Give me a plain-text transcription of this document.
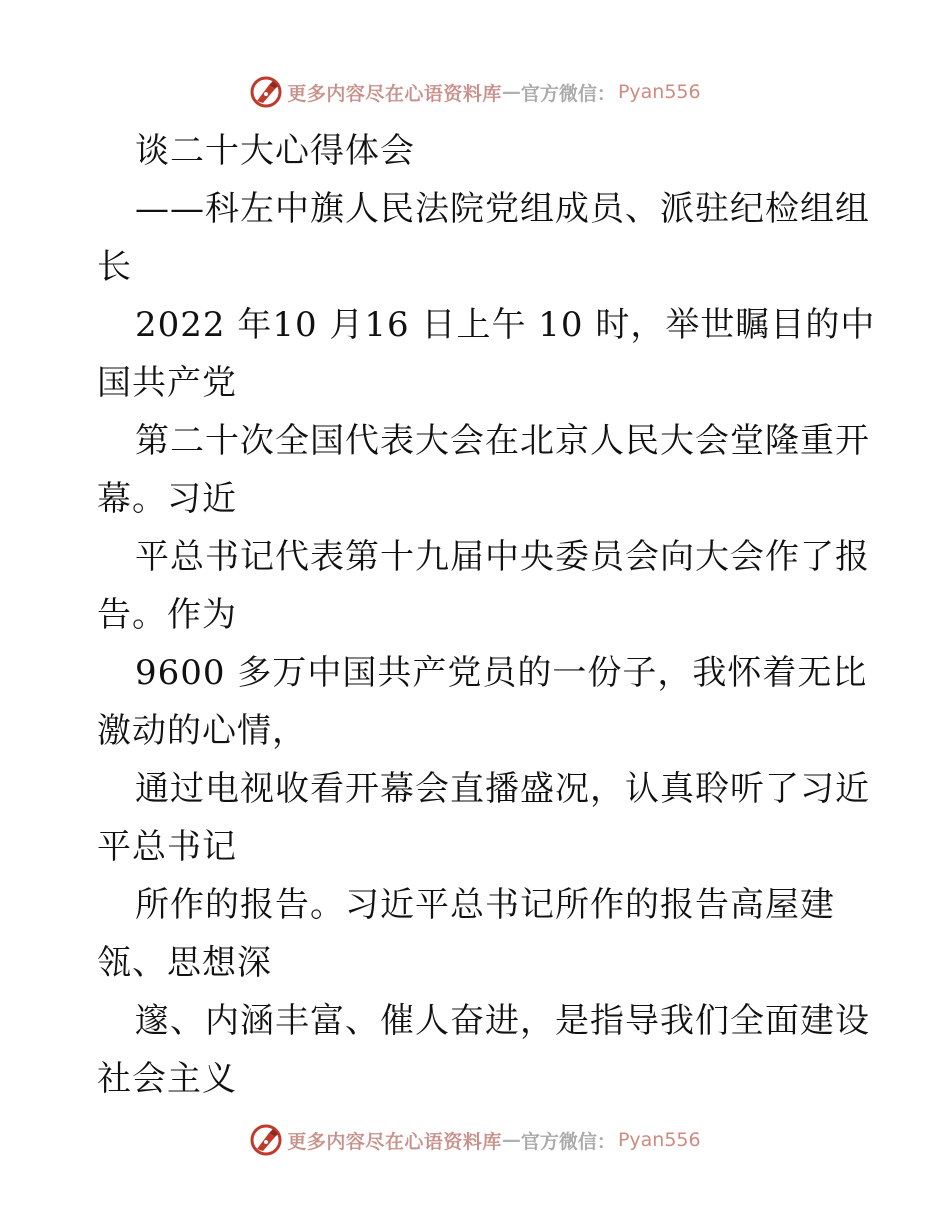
更多内容尽在心语资料库 — 官方微信： Pyan556
谈二十大心得体会
——科左中旗人民法院党组成员、派驻纪检组组
长
2022 年10 月16 日上午 10 时，举世瞩目的中
国共产党
第二十次全国代表大会在北京人民大会堂隆重开
幕。习近
平总书记代表第十九届中央委员会向大会作了报
告。作为
9600 多万中国共产党员的一份子，我怀着无比
激动的心情，
通过电视收看开幕会直播盛况，认真聆听了习近
平总书记
所作的报告。习近平总书记所作的报告高屋建
瓴、思想深
邃、内涵丰富、催人奋进，是指导我们全面建设
社会主义
更多内容尽在心语资料库 — 官方微信： Pyan556
